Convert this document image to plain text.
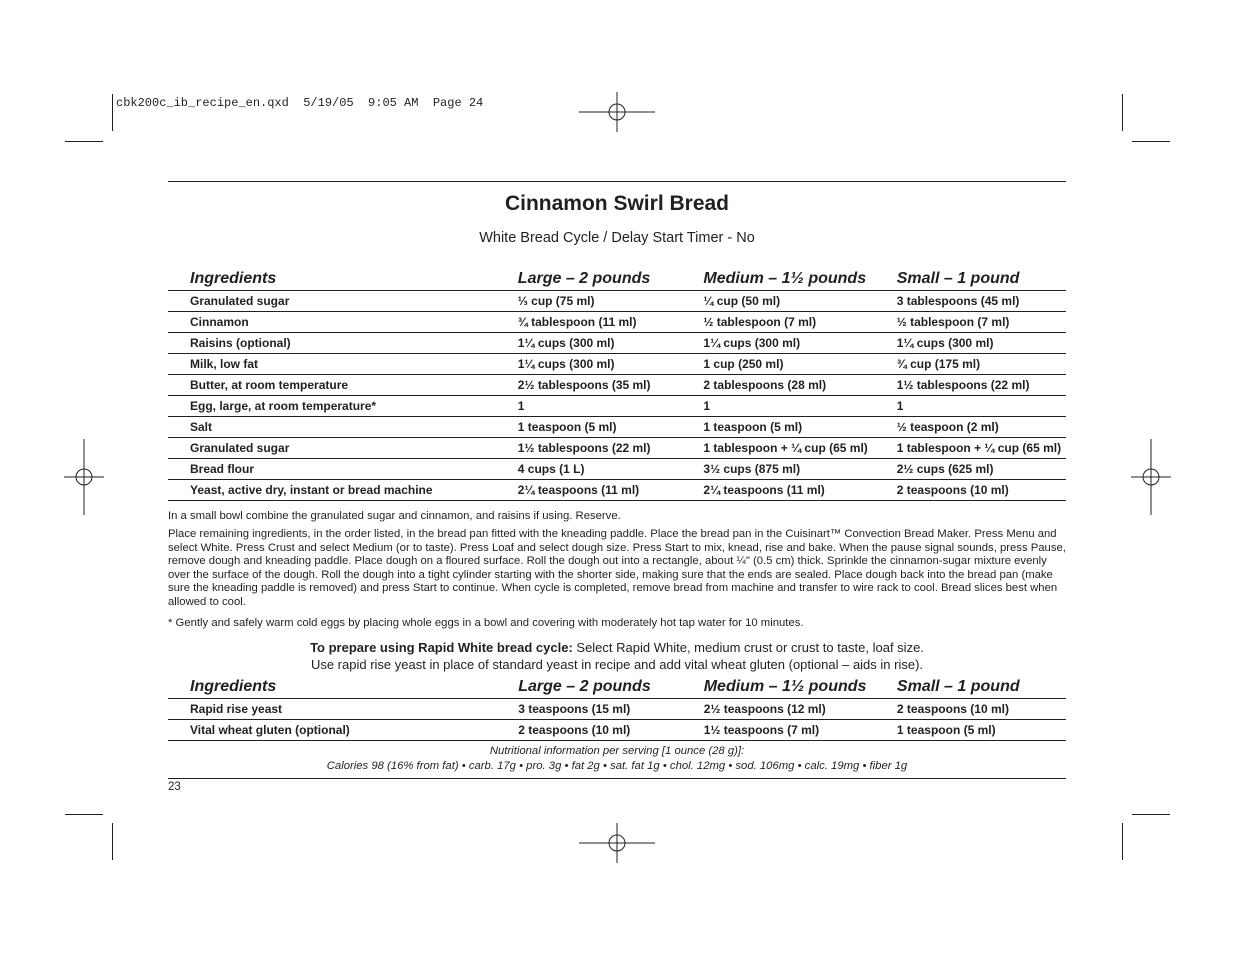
cbk200c_ib_recipe_en.qxd  5/19/05  9:05 AM  Page 24
Cinnamon Swirl Bread
White Bread Cycle / Delay Start Timer - No
Ingredients	Large – 2 pounds	Medium – 1½ pounds	Small – 1 pound
Granulated sugar	⅓ cup (75 ml)	¼ cup (50 ml)	3 tablespoons (45 ml)
Cinnamon	¾ tablespoon (11 ml)	½ tablespoon (7 ml)	½ tablespoon (7 ml)
Raisins (optional)	1¼ cups (300 ml)	1¼ cups (300 ml)	1¼ cups (300 ml)
Milk, low fat	1¼ cups (300 ml)	1 cup (250 ml)	¾ cup (175 ml)
Butter, at room temperature	2½ tablespoons (35 ml)	2 tablespoons (28 ml)	1½ tablespoons (22 ml)
Egg, large, at room temperature*	1	1	1
Salt	1 teaspoon (5 ml)	1 teaspoon (5 ml)	½ teaspoon (2 ml)
Granulated sugar	1½ tablespoons (22 ml)	1 tablespoon + ¼ cup (65 ml)	1 tablespoon + ¼ cup (65 ml)
Bread flour	4 cups (1 L)	3½ cups (875 ml)	2½ cups (625 ml)
Yeast, active dry, instant or bread machine	2¼ teaspoons (11 ml)	2¼ teaspoons (11 ml)	2 teaspoons (10 ml)
In a small bowl combine the granulated sugar and cinnamon, and raisins if using. Reserve.
Place remaining ingredients, in the order listed, in the bread pan fitted with the kneading paddle. Place the bread pan in the Cuisinart™ Convection Bread Maker. Press Menu and select White. Press Crust and select Medium (or to taste). Press Loaf and select dough size. Press Start to mix, knead, rise and bake. When the pause signal sounds, press Pause, remove dough and kneading paddle. Place dough on a floured surface. Roll the dough out into a rectangle, about ¼" (0.5 cm) thick. Sprinkle the cinnamon-sugar mixture evenly over the surface of the dough. Roll the dough into a tight cylinder starting with the shorter side, making sure that the ends are sealed. Place dough back into the bread pan (make sure the kneading paddle is removed) and press Start to continue. When cycle is completed, remove bread from machine and transfer to wire rack to cool. Bread slices best when allowed to cool.
* Gently and safely warm cold eggs by placing whole eggs in a bowl and covering with moderately hot tap water for 10 minutes.
To prepare using Rapid White bread cycle: Select Rapid White, medium crust or crust to taste, loaf size.
Use rapid rise yeast in place of standard yeast in recipe and add vital wheat gluten (optional – aids in rise).
Ingredients	Large – 2 pounds	Medium – 1½ pounds	Small – 1 pound
Rapid rise yeast	3 teaspoons (15 ml)	2½ teaspoons (12 ml)	2 teaspoons (10 ml)
Vital wheat gluten (optional)	2 teaspoons (10 ml)	1½ teaspoons (7 ml)	1 teaspoon (5 ml)
Nutritional information per serving [1 ounce (28 g)]:
Calories 98 (16% from fat) • carb. 17g • pro. 3g • fat 2g • sat. fat 1g • chol. 12mg • sod. 106mg • calc. 19mg • fiber 1g
23
